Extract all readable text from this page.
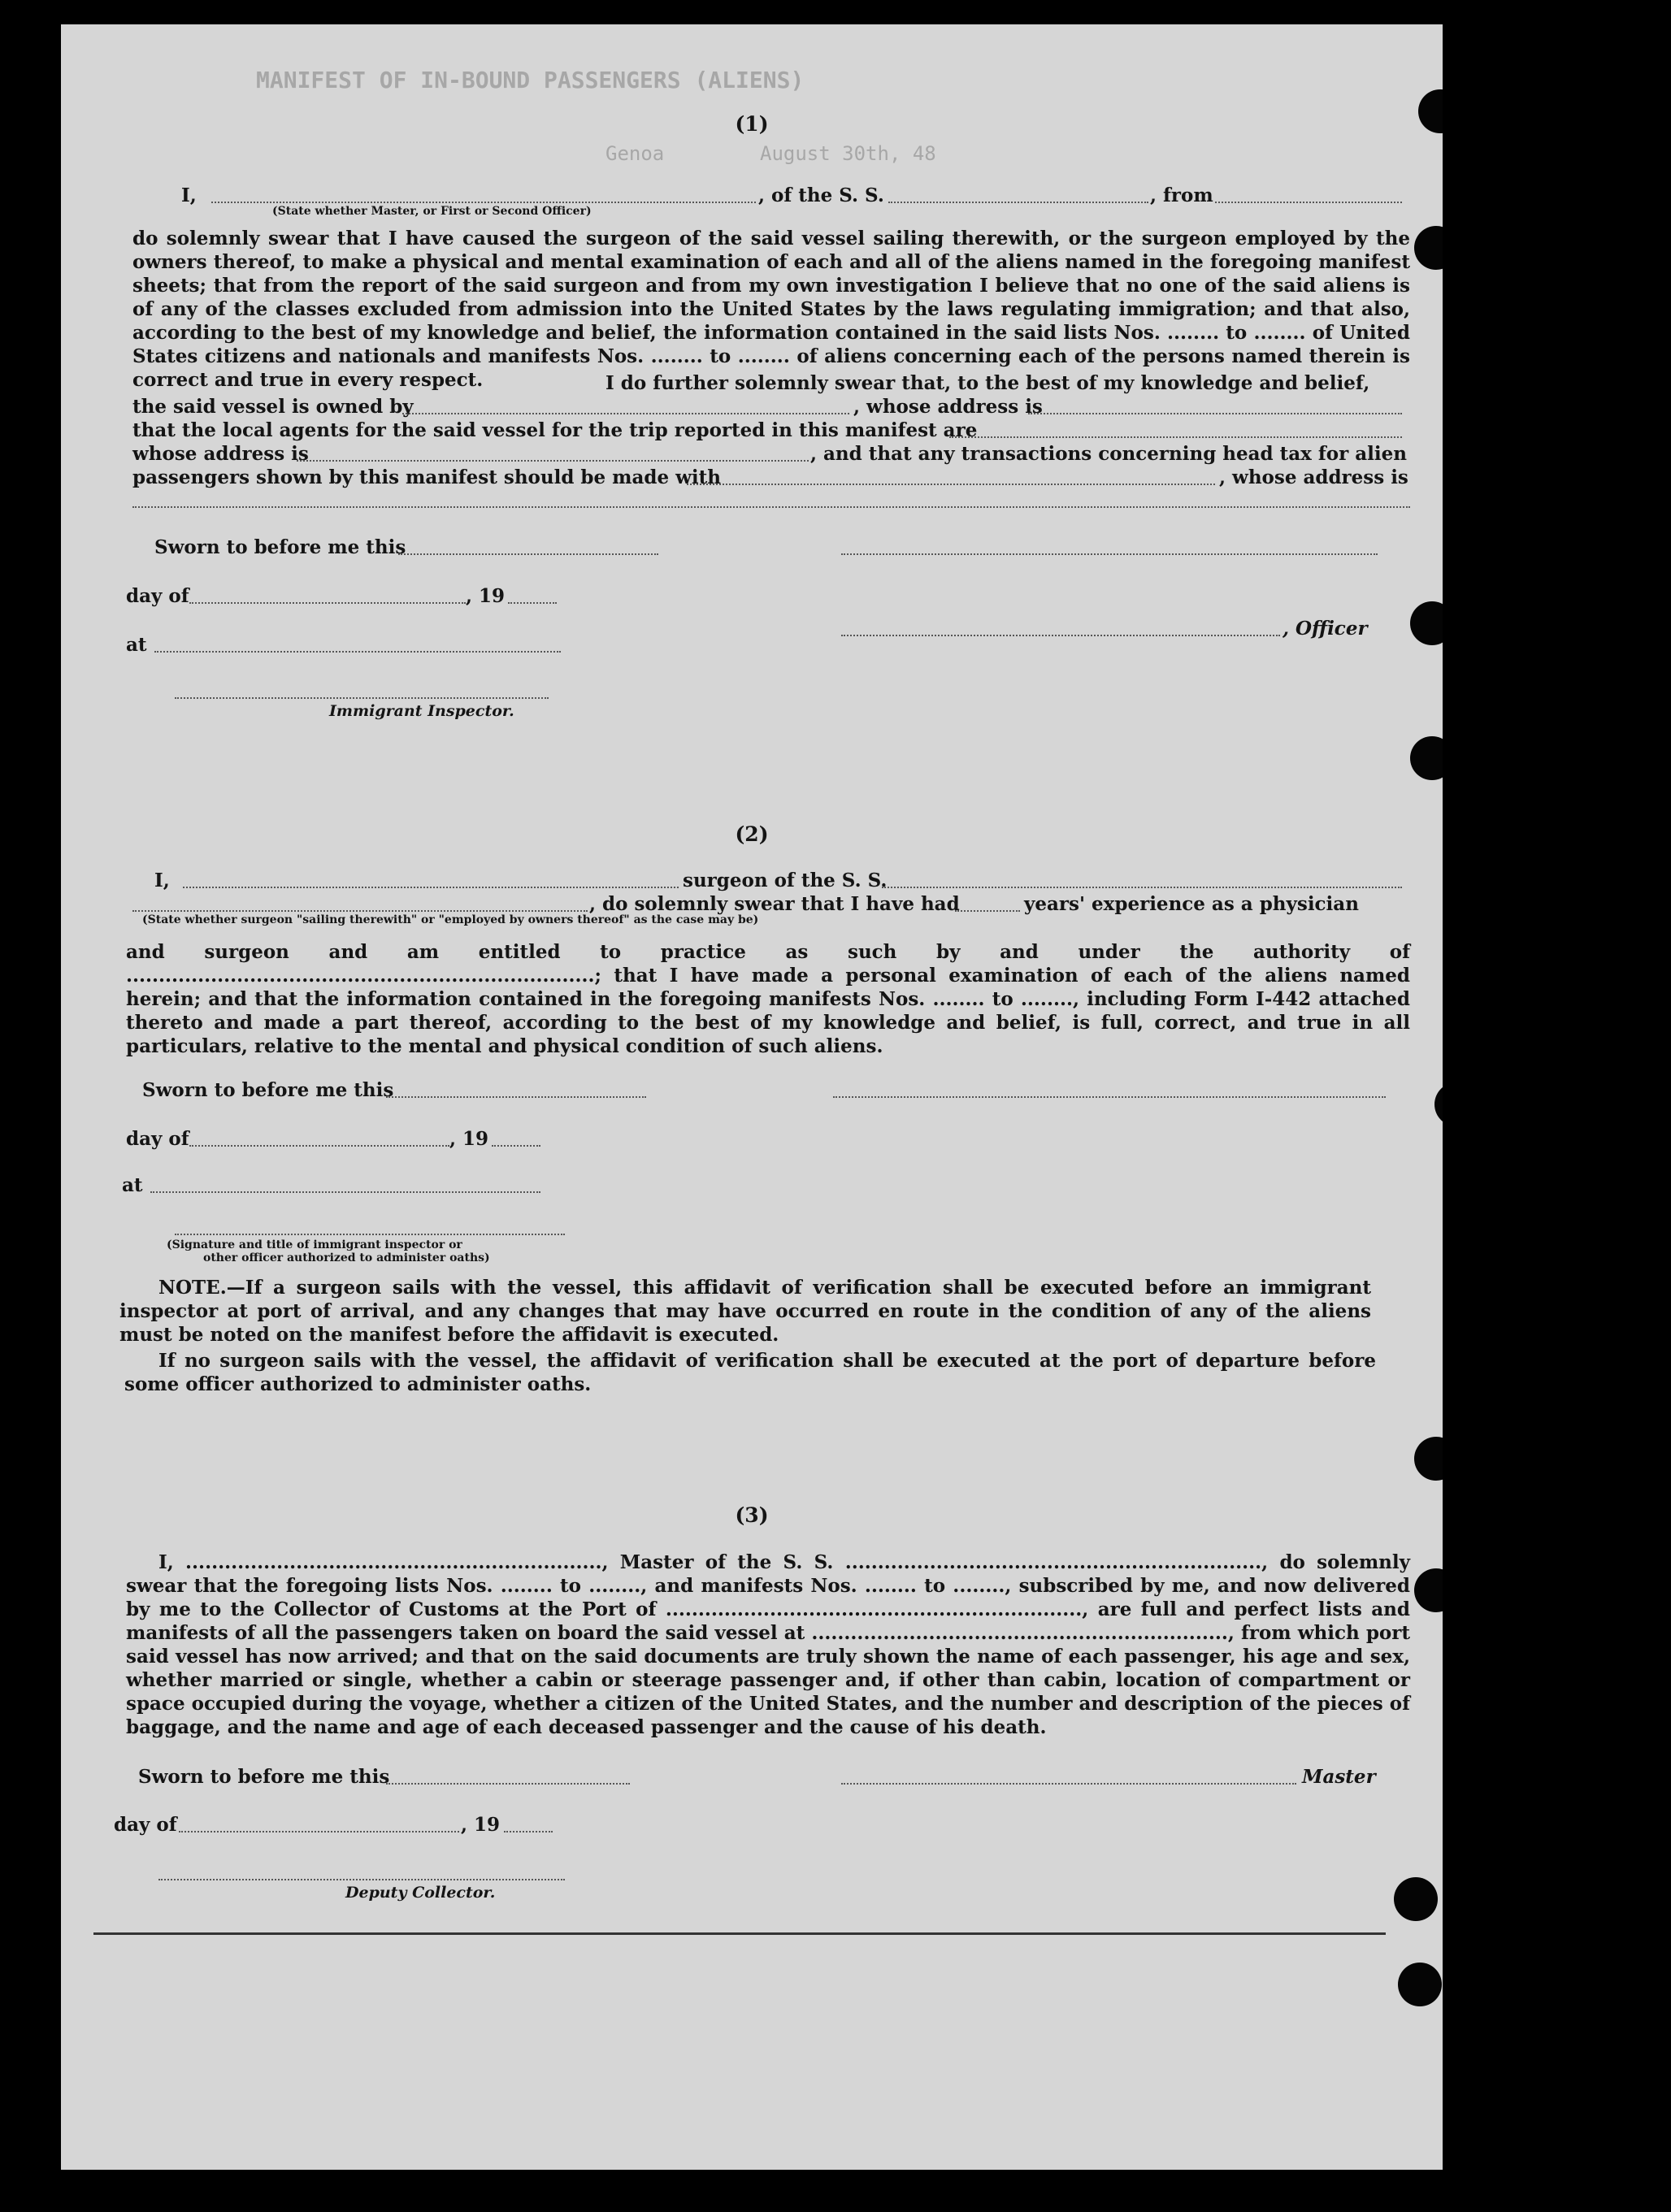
MANIFEST OF IN-BOUND PASSENGERS (ALIENS)
Genoa	August 30th, 48
(1)
I,	, of the S. S.	, from
(State whether Master, or First or Second Officer)
do solemnly swear that I have caused the surgeon of the said vessel sailing therewith, or the surgeon employed by the owners thereof, to make a physical and mental examination of each and all of the aliens named in the foregoing manifest sheets; that from the report of the said surgeon and from my own investigation I believe that no one of the said aliens is of any of the classes excluded from admission into the United States by the laws regulating immigration; and that also, according to the best of my knowledge and belief, the information contained in the said lists Nos. ........ to ........ of United States citizens and nationals and manifests Nos. ........ to ........ of aliens concerning each of the persons named therein is correct and true in every respect.	I do further solemnly swear that, to the best of my knowledge and belief,
the said vessel is owned by	, whose address is
that the local agents for the said vessel for the trip reported in this manifest are
whose address is	, and that any transactions concerning head tax for alien
passengers shown by this manifest should be made with	, whose address is
Sworn to before me this
day of	, 19
, Officer
at
Immigrant Inspector.
(2)
I,	surgeon of the S. S.
, do solemnly swear that I have had	years' experience as a physician
(State whether surgeon "sailing therewith" or "employed by owners thereof" as the case may be)
and surgeon and am entitled to practice as such by and under the authority of ........................................................................; that I have made a personal examination of each of the aliens named herein; and that the information contained in the foregoing manifests Nos. ........ to ........, including Form I-442 attached thereto and made a part thereof, according to the best of my knowledge and belief, is full, correct, and true in all particulars, relative to the mental and physical condition of such aliens.
Sworn to before me this
day of	, 19
at
(Signature and title of immigrant inspector or
other officer authorized to administer oaths)
NOTE.—If a surgeon sails with the vessel, this affidavit of verification shall be executed before an immigrant inspector at port of arrival, and any changes that may have occurred en route in the condition of any of the aliens must be noted on the manifest before the affidavit is executed.
If no surgeon sails with the vessel, the affidavit of verification shall be executed at the port of departure before some officer authorized to administer oaths.
(3)
I, ................................................................, Master of the S. S. ................................................................, do solemnly swear that the foregoing lists Nos. ........ to ........, and manifests Nos. ........ to ........, subscribed by me, and now delivered by me to the Collector of Customs at the Port of ................................................................, are full and perfect lists and manifests of all the passengers taken on board the said vessel at ................................................................, from which port said vessel has now arrived; and that on the said documents are truly shown the name of each passenger, his age and sex, whether married or single, whether a cabin or steerage passenger and, if other than cabin, location of compartment or space occupied during the voyage, whether a citizen of the United States, and the number and description of the pieces of baggage, and the name and age of each deceased passenger and the cause of his death.
Sworn to before me this	Master
day of	, 19
Deputy Collector.
